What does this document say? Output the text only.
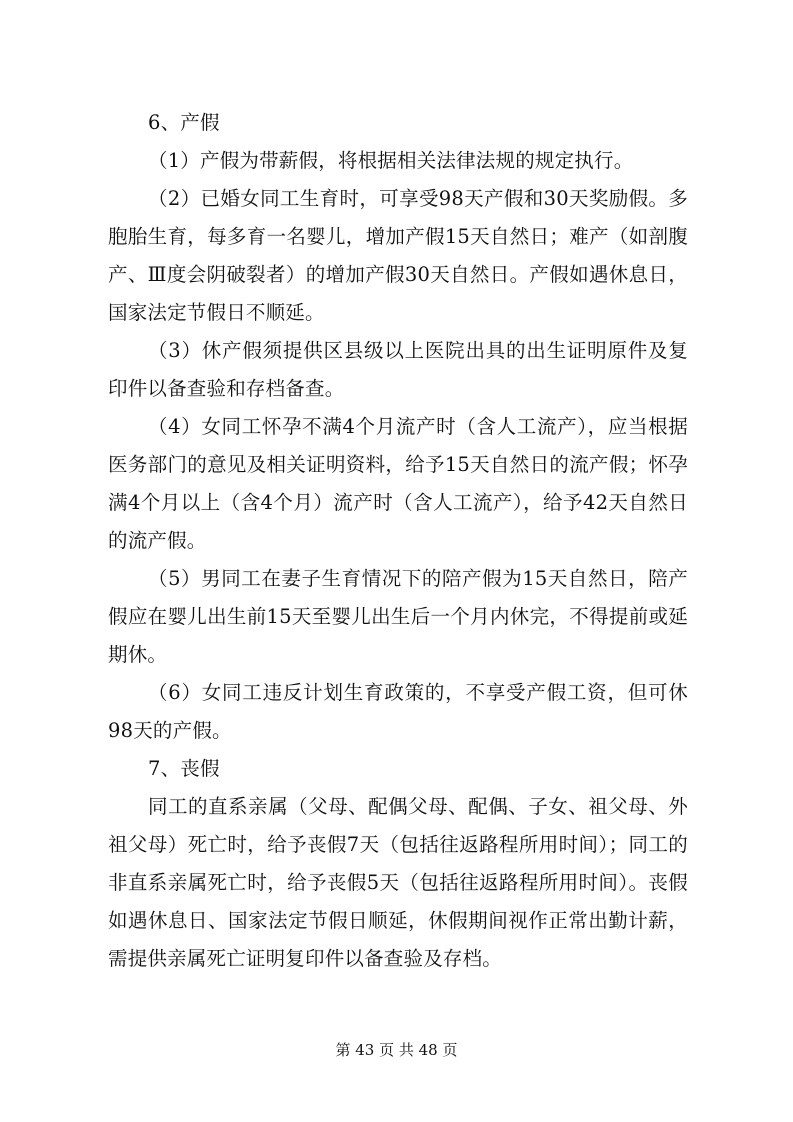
6、产假

（1）产假为带薪假，将根据相关法律法规的规定执行。

（2）已婚女同工生育时，可享受98天产假和30天奖励假。多胞胎生育，每多育一名婴儿，增加产假15天自然日；难产（如剖腹产、Ⅲ度会阴破裂者）的增加产假30天自然日。产假如遇休息日，国家法定节假日不顺延。

（3）休产假须提供区县级以上医院出具的出生证明原件及复印件以备查验和存档备查。

（4）女同工怀孕不满4个月流产时（含人工流产），应当根据医务部门的意见及相关证明资料，给予15天自然日的流产假；怀孕满4个月以上（含4个月）流产时（含人工流产），给予42天自然日的流产假。

（5）男同工在妻子生育情况下的陪产假为15天自然日，陪产假应在婴儿出生前15天至婴儿出生后一个月内休完，不得提前或延期休。

（6）女同工违反计划生育政策的，不享受产假工资，但可休98天的产假。

7、丧假

同工的直系亲属（父母、配偶父母、配偶、子女、祖父母、外祖父母）死亡时，给予丧假7天（包括往返路程所用时间）；同工的非直系亲属死亡时，给予丧假5天（包括往返路程所用时间）。丧假如遇休息日、国家法定节假日顺延，休假期间视作正常出勤计薪，需提供亲属死亡证明复印件以备查验及存档。

第 43 页 共 48 页
